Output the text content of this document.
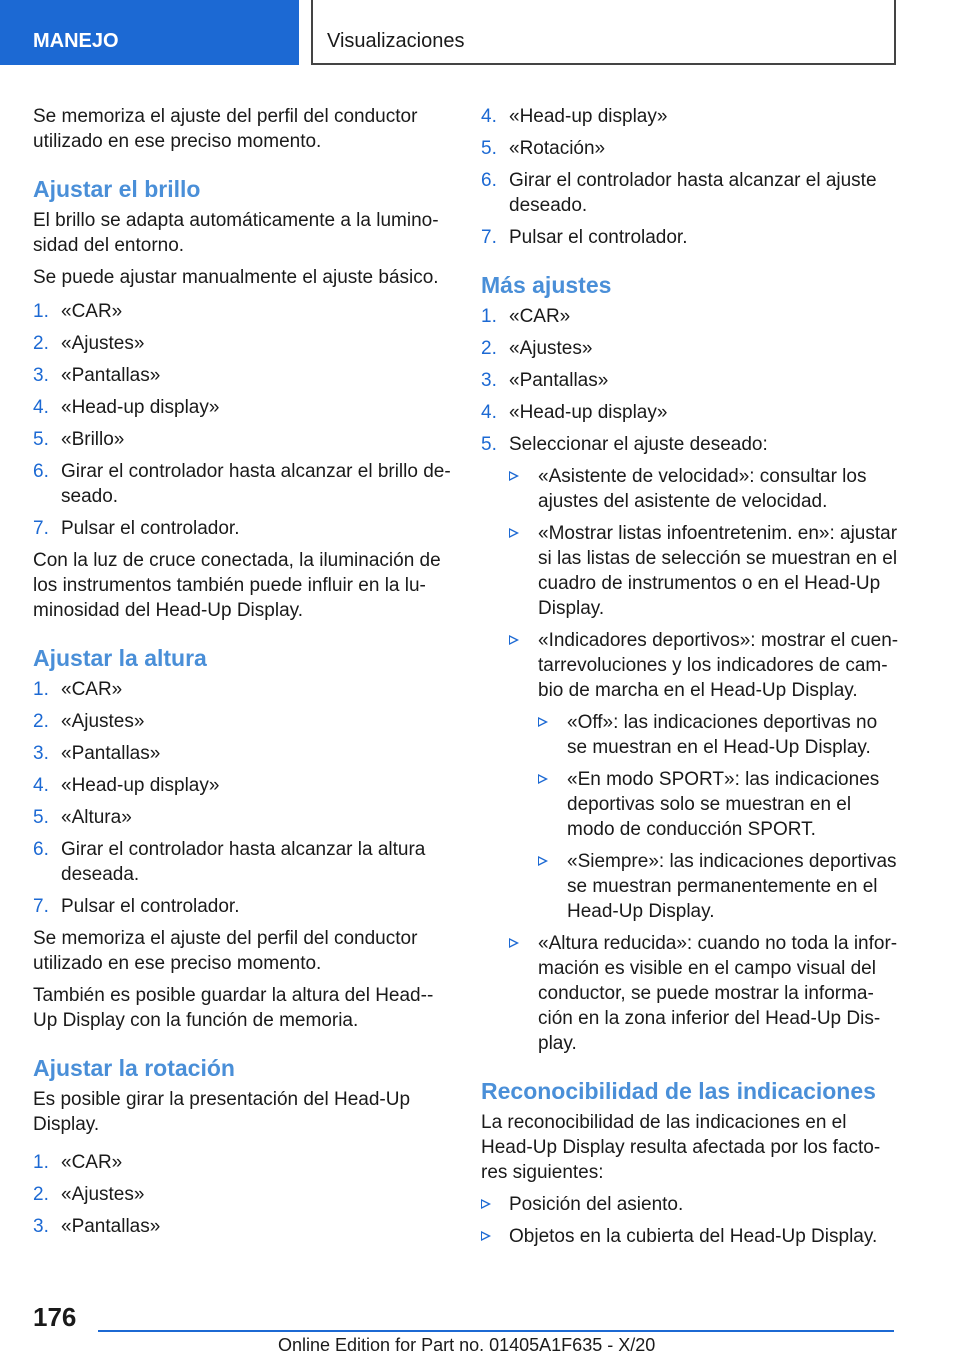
MANEJO	Visualizaciones

Se memoriza el ajuste del perfil del conductor utilizado en ese preciso momento.

Ajustar el brillo

El brillo se adapta automáticamente a la lumino‐sidad del entorno.

Se puede ajustar manualmente el ajuste básico.

1. «CAR»
2. «Ajustes»
3. «Pantallas»
4. «Head-up display»
5. «Brillo»
6. Girar el controlador hasta alcanzar el brillo de‐seado.
7. Pulsar el controlador.

Con la luz de cruce conectada, la iluminación de los instrumentos también puede influir en la lu‐minosidad del Head-Up Display.

Ajustar la altura
1. «CAR»
2. «Ajustes»
3. «Pantallas»
4. «Head-up display»
5. «Altura»
6. Girar el controlador hasta alcanzar la altura deseada.
7. Pulsar el controlador.

Se memoriza el ajuste del perfil del conductor utilizado en ese preciso momento.

También es posible guardar la altura del Head-‐Up Display con la función de memoria.

Ajustar la rotación

Es posible girar la presentación del Head-Up Display.

1. «CAR»
2. «Ajustes»
3. «Pantallas»
4. «Head-up display»
5. «Rotación»
6. Girar el controlador hasta alcanzar el ajuste deseado.
7. Pulsar el controlador.
Más ajustes
1. «CAR»
2. «Ajustes»
3. «Pantallas»
4. «Head-up display»
5. Seleccionar el ajuste deseado:
«Asistente de velocidad»: consultar los ajustes del asistente de velocidad.
«Mostrar listas infoentretenim. en»: ajustar si las listas de selección se muestran en el cuadro de instrumentos o en el Head-Up Display.
«Indicadores deportivos»: mostrar el cuen‐tarrevoluciones y los indicadores de cam‐bio de marcha en el Head-Up Display.
«Off»: las indicaciones deportivas no se muestran en el Head-Up Display.
«En modo SPORT»: las indicaciones deportivas solo se muestran en el modo de conducción SPORT.
«Siempre»: las indicaciones deportivas se muestran permanentemente en el Head-Up Display.
«Altura reducida»: cuando no toda la infor‐mación es visible en el campo visual del conductor, se puede mostrar la informa‐ción en la zona inferior del Head-Up Dis‐play.
Reconocibilidad de las indicaciones

La reconocibilidad de las indicaciones en el Head-Up Display resulta afectada por los facto‐res siguientes:

Posición del asiento.
Objetos en la cubierta del Head-Up Display.
176
Online Edition for Part no. 01405A1F635 - X/20
